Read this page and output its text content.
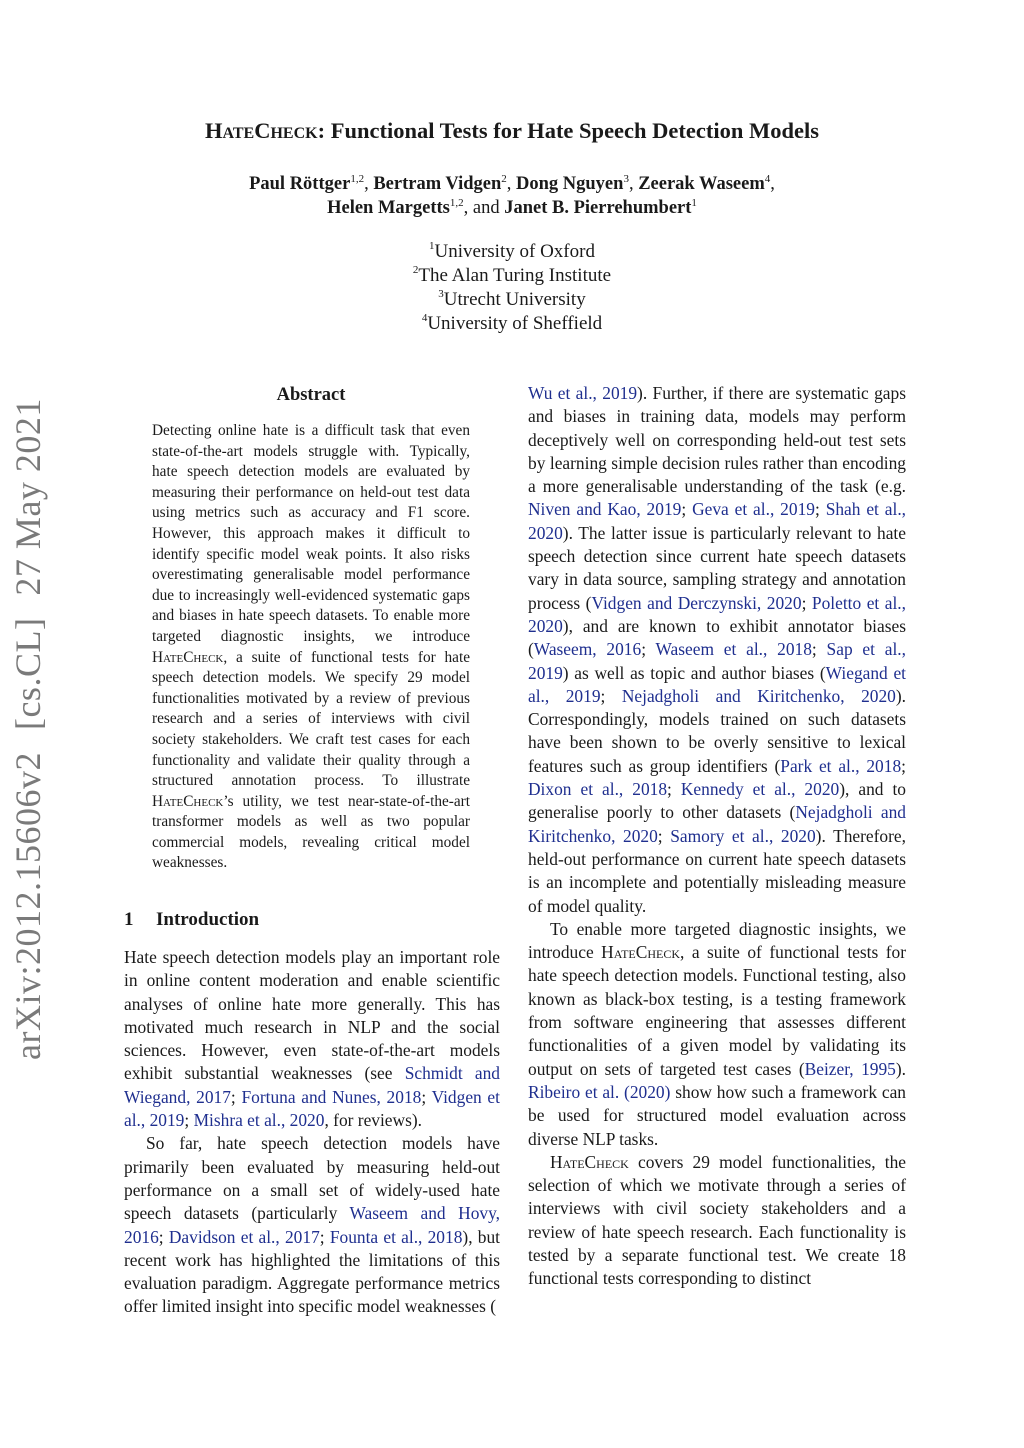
arXiv:2012.15606v2[cs.CL]27 May 2021
HateCheck: Functional Tests for Hate Speech Detection Models
Paul Röttger$^{1,2}$, Bertram Vidgen$^2$, Dong Nguyen$^3$, Zeerak Waseem$^4$,
Helen Margetts$^{1,2}$, and Janet B. Pierrehumbert$^1$
$^1$University of Oxford
$^2$The Alan Turing Institute
$^3$Utrecht University
$^4$University of Sheffield
Abstract

Detecting online hate is a difficult task that even state-of-the-art models struggle with. Typically, hate speech detection models are evaluated by measuring their performance on held-out test data using metrics such as accuracy and F1 score. However, this approach makes it difficult to identify specific model weak points. It also risks overestimating generalisable model performance due to increasingly well-evidenced systematic gaps and biases in hate speech datasets. To enable more targeted diagnostic insights, we introduce HateCheck, a suite of functional tests for hate speech detection models. We specify 29 model functionalities motivated by a review of previous research and a series of interviews with civil society stakeholders. We craft test cases for each functionality and validate their quality through a structured annotation process. To illustrate HateCheck’s utility, we test near-state-of-the-art transformer models as well as two popular commercial models, revealing critical model weaknesses.

1 Introduction

Hate speech detection models play an important role in online content moderation and enable scientific analyses of online hate more generally. This has motivated much research in NLP and the social sciences. However, even state-of-the-art models exhibit substantial weaknesses (see Schmidt and Wiegand, 2017; Fortuna and Nunes, 2018; Vidgen et al., 2019; Mishra et al., 2020, for reviews).

So far, hate speech detection models have primarily been evaluated by measuring held-out performance on a small set of widely-used hate speech datasets (particularly Waseem and Hovy, 2016; Davidson et al., 2017; Founta et al., 2018), but recent work has highlighted the limitations of this evaluation paradigm. Aggregate performance metrics offer limited insight into specific model weaknesses (

Wu et al., 2019). Further, if there are systematic gaps and biases in training data, models may perform deceptively well on corresponding held-out test sets by learning simple decision rules rather than encoding a more generalisable understanding of the task (e.g. Niven and Kao, 2019; Geva et al., 2019; Shah et al., 2020). The latter issue is particularly relevant to hate speech detection since current hate speech datasets vary in data source, sampling strategy and annotation process (Vidgen and Derczynski, 2020; Poletto et al., 2020), and are known to exhibit annotator biases (Waseem, 2016; Waseem et al., 2018; Sap et al., 2019) as well as topic and author biases (Wiegand et al., 2019; Nejadgholi and Kiritchenko, 2020). Correspondingly, models trained on such datasets have been shown to be overly sensitive to lexical features such as group identifiers (Park et al., 2018; Dixon et al., 2018; Kennedy et al., 2020), and to generalise poorly to other datasets (Nejadgholi and Kiritchenko, 2020; Samory et al., 2020). Therefore, held-out performance on current hate speech datasets is an incomplete and potentially misleading measure of model quality.

To enable more targeted diagnostic insights, we introduce HateCheck, a suite of functional tests for hate speech detection models. Functional testing, also known as black-box testing, is a testing framework from software engineering that assesses different functionalities of a given model by validating its output on sets of targeted test cases (Beizer, 1995). Ribeiro et al. (2020) show how such a framework can be used for structured model evaluation across diverse NLP tasks.

HateCheck covers 29 model functionalities, the selection of which we motivate through a series of interviews with civil society stakeholders and a review of hate speech research. Each functionality is tested by a separate functional test. We create 18 functional tests corresponding to distinct
